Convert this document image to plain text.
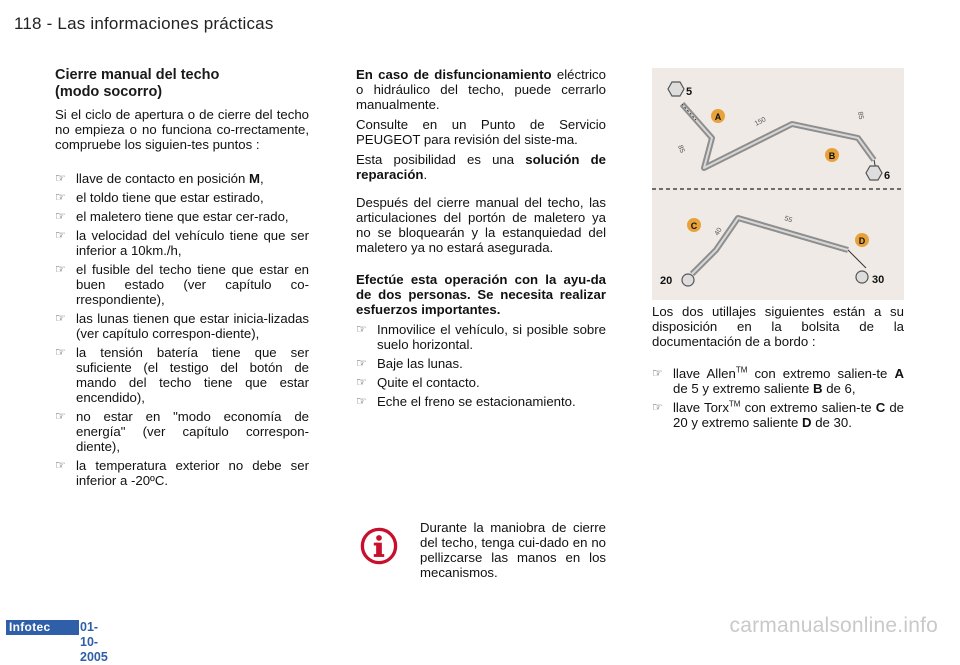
118 - Las informaciones prácticas
Cierre manual del techo
(modo socorro)

Si el ciclo de apertura o de cierre del techo no empieza o no funciona co-rrectamente, compruebe los siguien-tes puntos :

☞ llave de contacto en posición M,
☞ el toldo tiene que estar estirado,
☞ el maletero tiene que estar cer-rado,
☞ la velocidad del vehículo tiene que ser inferior a 10km./h,
☞ el fusible del techo tiene que estar en buen estado (ver capítulo co-rrespondiente),
☞ las lunas tienen que estar inicia-lizadas (ver capítulo correspon-diente),
☞ la tensión batería tiene que ser suficiente (el testigo del botón de mando del techo tiene que estar encendido),
☞ no estar en "modo economía de energía" (ver capítulo correspon-diente),
☞ la temperatura exterior no debe ser inferior a -20ºC.

En caso de disfuncionamiento eléctrico o hidráulico del techo, puede cerrarlo manualmente.

Consulte en un Punto de Servicio PEUGEOT para revisión del siste-ma.

Esta posibilidad es una solución de reparación.

Después del cierre manual del techo, las articulaciones del portón de maletero ya no se bloquearán y la estanquiedad del maletero ya no estará asegurada.

Efectúe esta operación con la ayu-da de dos personas. Se necesita realizar esfuerzos importantes.

☞ Inmovilice el vehículo, si posible sobre suelo horizontal.
☞ Baje las lunas.
☞ Quite el contacto.
☞ Eche el freno se estacionamiento.
Durante la maniobra de cierre del techo, tenga cui-dado en no pellizcarse las manos en los mecanismos.
5
6
A
B
85
150
85
20	30
C
D
40
55

Los dos utillajes siguientes están a su disposición en la bolsita de la documentación de a bordo :

☞ llave Allen™ con extremo salien-te A de 5 y extremo saliente B de 6,
☞ llave Torx™ con extremo salien-te C de 20 y extremo saliente D de 30.
Infotec	01-10-2005
carmanualsonline.info
